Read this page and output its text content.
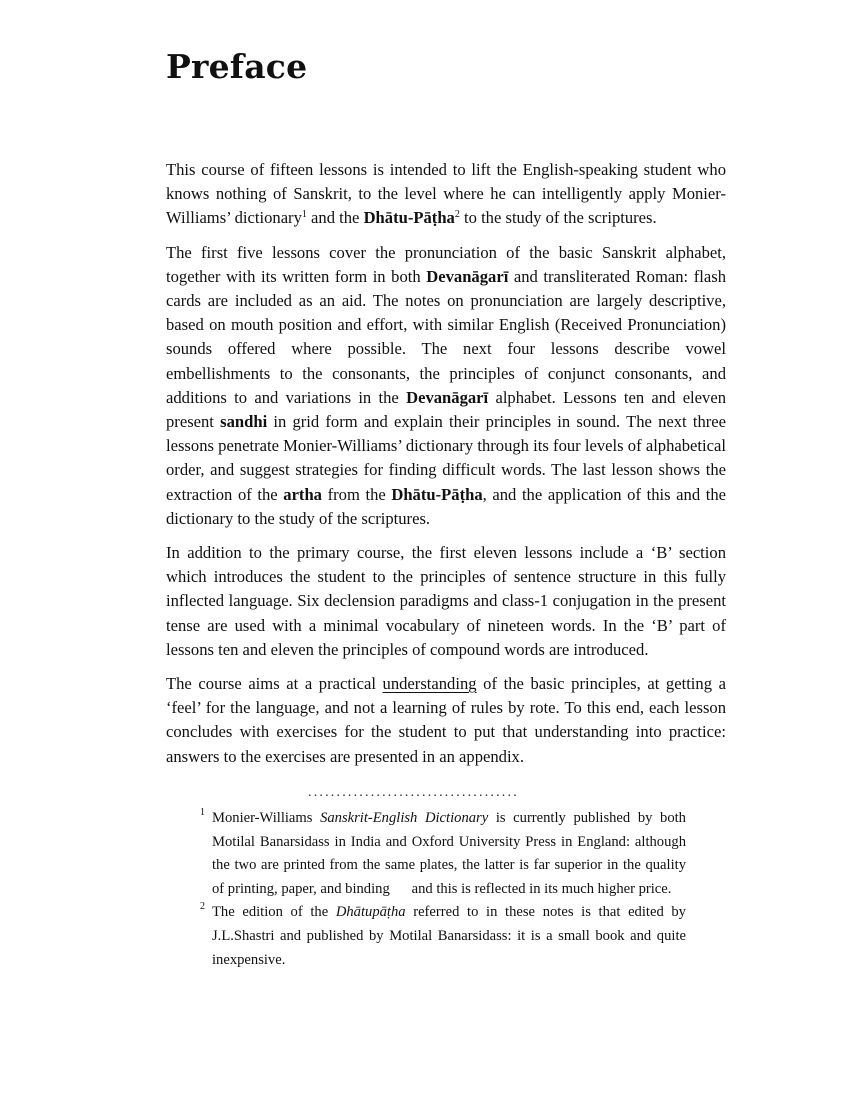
Preface

This course of fifteen lessons is intended to lift the English-speaking student who knows nothing of Sanskrit, to the level where he can intelligently apply Monier-Williams’ dictionary$^1$ and the Dhātu-Pāṭha$^2$ to the study of the scriptures.

The first five lessons cover the pronunciation of the basic Sanskrit alphabet, together with its written form in both Devanāgarī and transliterated Roman: flash cards are included as an aid. The notes on pronunciation are largely descriptive, based on mouth position and effort, with similar English (Received Pronunciation) sounds offered where possible. The next four lessons describe vowel embellishments to the consonants, the principles of conjunct consonants, and additions to and variations in the Devanāgarī alphabet. Lessons ten and eleven present sandhi in grid form and explain their principles in sound. The next three lessons penetrate Monier-Williams’ dictionary through its four levels of alphabetical order, and suggest strategies for finding difficult words. The last lesson shows the extraction of the artha from the Dhātu-Pāṭha, and the application of this and the dictionary to the study of the scriptures.

In addition to the primary course, the first eleven lessons include a ‘B’ section which introduces the student to the principles of sentence structure in this fully inflected language. Six declension paradigms and class-1 conjugation in the present tense are used with a minimal vocabulary of nineteen words. In the ‘B’ part of lessons ten and eleven the principles of compound words are introduced.

The course aims at a practical understanding of the basic principles, at getting a ‘feel’ for the language, and not a learning of rules by rote. To this end, each lesson concludes with exercises for the student to put that understanding into practice: answers to the exercises are presented in an appendix.

.....................................

1 Monier-Williams Sanskrit-English Dictionary is currently published by both Motilal Banarsidass in India and Oxford University Press in England: although the two are printed from the same plates, the latter is far superior in the quality of printing, paper, and binding   and this is reflected in its much higher price.

2 The edition of the Dhātupāṭha referred to in these notes is that edited by J.L.Shastri and published by Motilal Banarsidass: it is a small book and quite inexpensive.
